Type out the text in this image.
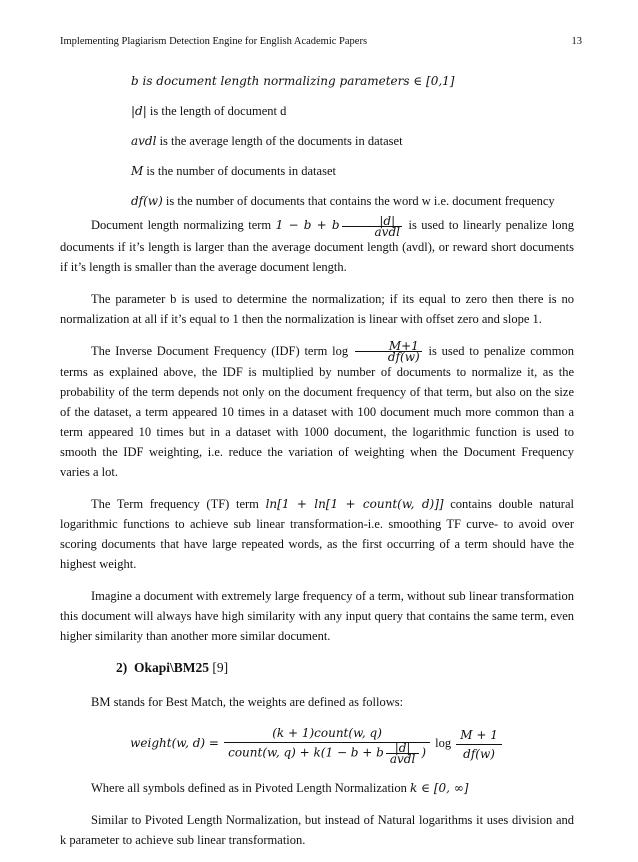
Implementing Plagiarism Detection Engine for English Academic Papers	13
b is document length normalizing parameters ∈ [0,1]
|d| is the length of document d
avdl is the average length of the documents in dataset
M is the number of documents in dataset
df(w) is the number of documents that contains the word w i.e. document frequency

Document length normalizing term 1 − b + b $\frac{|d|}{\text{avdl}}$ is used to linearly penalize long documents if it’s length is larger than the average document length (avdl), or reward short documents if it’s length is smaller than the average document length.

The parameter b is used to determine the normalization; if its equal to zero then there is no normalization at all if it’s equal to 1 then the normalization is linear with offset zero and slope 1.

The Inverse Document Frequency (IDF) term $\log \frac{M+1}{df(w)}$ is used to penalize common terms as explained above, the IDF is multiplied by number of documents to normalize it, as the probability of the term depends not only on the document frequency of that term, but also on the size of the dataset, a term appeared 10 times in a dataset with 100 document much more common than a term appeared 10 times but in a dataset with 1000 document, the logarithmic function is used to smooth the IDF weighting, i.e. reduce the variation of weighting when the Document Frequency varies a lot.

The Term frequency (TF) term ln[1 + ln[1 + count(w, d)]] contains double natural logarithmic functions to achieve sub linear transformation-i.e. smoothing TF curve- to avoid over scoring documents that have large repeated words, as the first occurring of a term should have the highest weight.

Imagine a document with extremely large frequency of a term, without sub linear transformation this document will always have high similarity with any input query that contains the same term, even higher similarity than another more similar document.

2) Okapi\BM25 [9]

BM stands for Best Match, the weights are defined as follows:

weight(w, $d) = \frac{\text{(k + 1)count(w, q)}}{count(w, q) + k(1 - b + b \frac{|d|}{\text{avdl}} )}$ $\log \frac{M + 1}{df(w)}$

Where all symbols defined as in Pivoted Length Normalization k ∈ [0, ∞]

Similar to Pivoted Length Normalization, but instead of Natural logarithms it uses division and k parameter to achieve sub linear transformation.
